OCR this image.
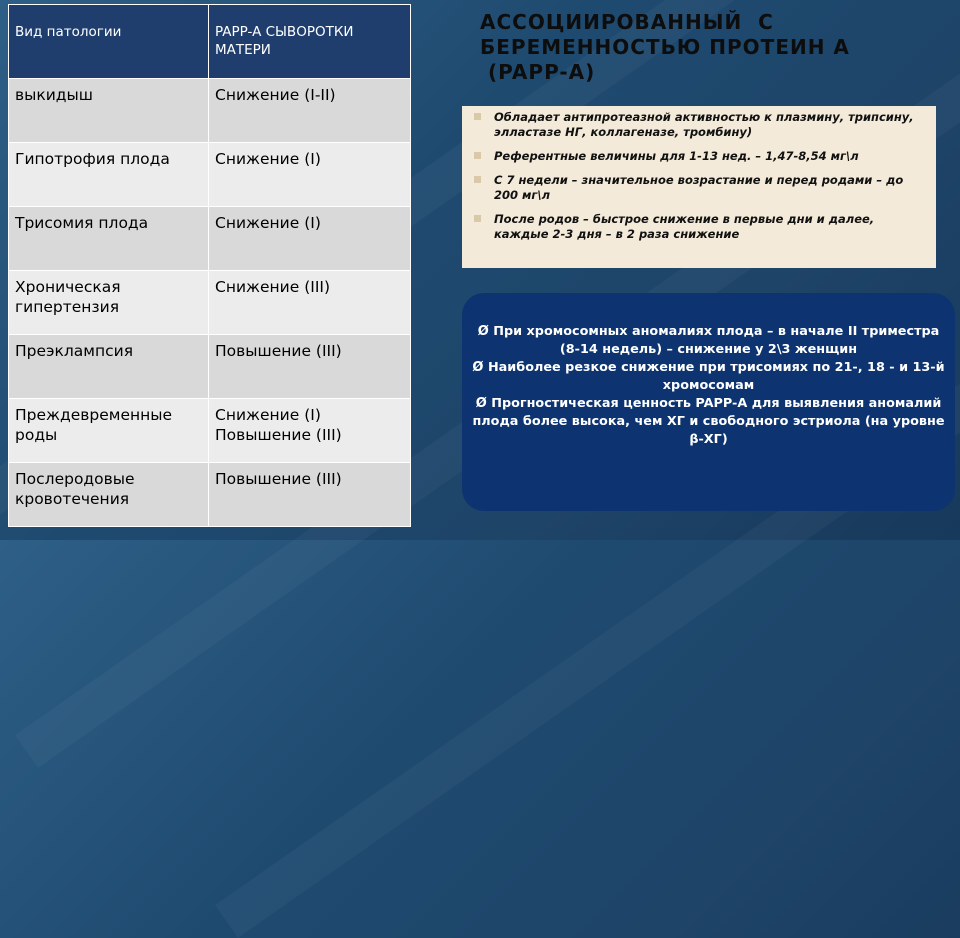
Вид патологии	PAPP-A СЫВОРОТКИ МАТЕРИ
выкидыш	Снижение (I-II)
Гипотрофия плода	Снижение (I)
Трисомия плода	Снижение (I)
Хроническая гипертензия	Снижение (III)
Преэклампсия	Повышение (III)
Преждевременные роды	Снижение (I) Повышение (III)
Послеродовые кровотечения	Повышение (III)
АССОЦИИРОВАННЫЙ  С
БЕРЕМЕННОСТЬЮ ПРОТЕИН А
(PAPP-A)
Обладает антипротеазной активностью к плазмину, трипсину, эллaстазе НГ, коллагеназе, тромбину)
Референтные величины для 1-13 нед. – 1,47-8,54 мг\л
С 7 недели – значительное возрастание и перед родами – до 200 мг\л
После родов – быстрое снижение в первые дни и далее, каждые 2-3 дня – в 2 раза снижение

Ø При хромосомных аномалиях плода – в начале II триместра (8-14 недель) – снижение у 2\3 женщин

Ø Наиболее резкое снижение при трисомиях по 21-, 18 - и 13-й хромосомам

Ø Прогностическая ценность PAPP-A для выявления аномалий плода более высока, чем ХГ и свободного эстриола (на уровне β-ХГ)
